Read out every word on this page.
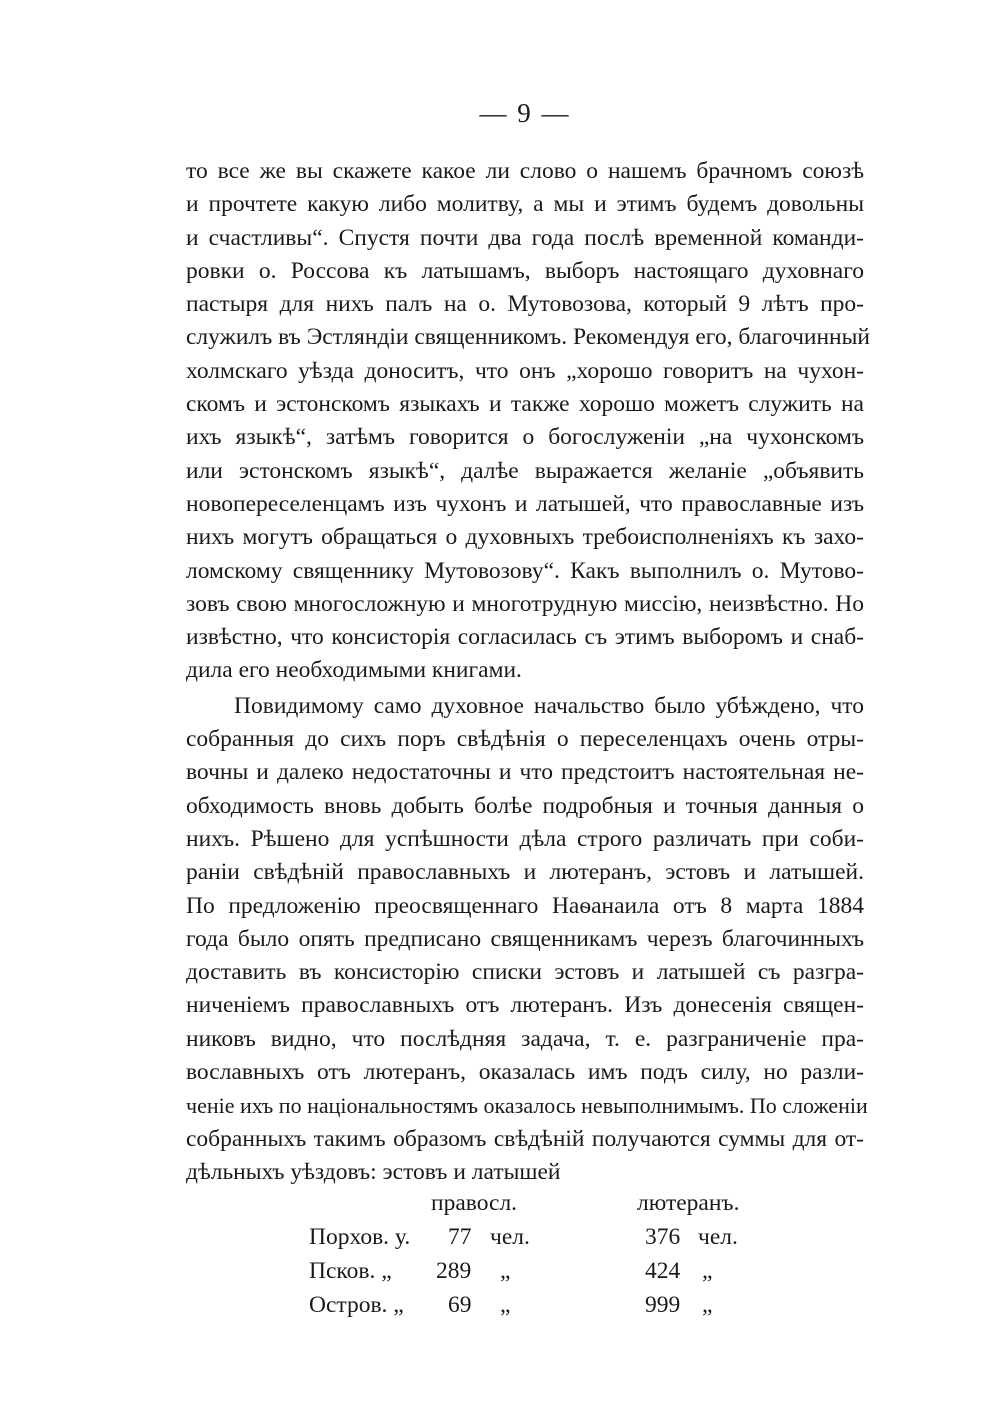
— 9 —
то все же вы скажете какое ли слово о нашемъ брачномъ союзѣ
и прочтете какую либо молитву, а мы и этимъ будемъ довольны
и счастливы“. Спустя почти два года послѣ временной команди-
ровки о. Россова къ латышамъ, выборъ настоящаго духовнаго
пастыря для нихъ палъ на о. Мутовозова, который 9 лѣтъ про-
служилъ въ Эстляндіи священникомъ. Рекомендуя его, благочинный
холмскаго уѣзда доноситъ, что онъ „хорошо говоритъ на чухон-
скомъ и эстонскомъ языкахъ и также хорошо можетъ служить на
ихъ языкѣ“, затѣмъ говорится о богослуженіи „на чухонскомъ
или эстонскомъ языкѣ“, далѣе выражается желаніе „объявить
новопереселенцамъ изъ чухонъ и латышей, что православные изъ
нихъ могутъ обращаться о духовныхъ требоисполненіяхъ къ захо-
ломскому священнику Мутовозову“. Какъ выполнилъ о. Мутово-
зовъ свою многосложную и многотрудную миссію, неизвѣстно. Но
извѣстно, что консисторія согласилась съ этимъ выборомъ и снаб-
дила его необходимыми книгами.
Повидимому само духовное начальство было убѣждено, что
собранныя до сихъ поръ свѣдѣнія о переселенцахъ очень отры-
вочны и далеко недостаточны и что предстоитъ настоятельная не-
обходимость вновь добыть болѣе подробныя и точныя данныя о
нихъ. Рѣшено для успѣшности дѣла строго различать при соби-
раніи свѣдѣній православныхъ и лютеранъ, эстовъ и латышей.
По предложенію преосвященнаго Наѳанаила отъ 8 марта 1884
года было опять предписано священникамъ черезъ благочинныхъ
доставить въ консисторію списки эстовъ и латышей съ разгра-
ниченіемъ православныхъ отъ лютеранъ. Изъ донесенія священ-
никовъ видно, что послѣдняя задача, т. е. разграниченіе пра-
вославныхъ отъ лютеранъ, оказалась имъ подъ силу, но разли-
ченіе ихъ по національностямъ оказалось невыполнимымъ. По сложеніи
собранныхъ такимъ образомъ свѣдѣній получаются суммы для от-
дѣльныхъ уѣздовъ: эстовъ и латышей
правосл.	лютеранъ.
Порхов. у. 77 чел.	376 чел.
Псков. „ 289 „	424 „
Остров. „ 69 „	999 „
